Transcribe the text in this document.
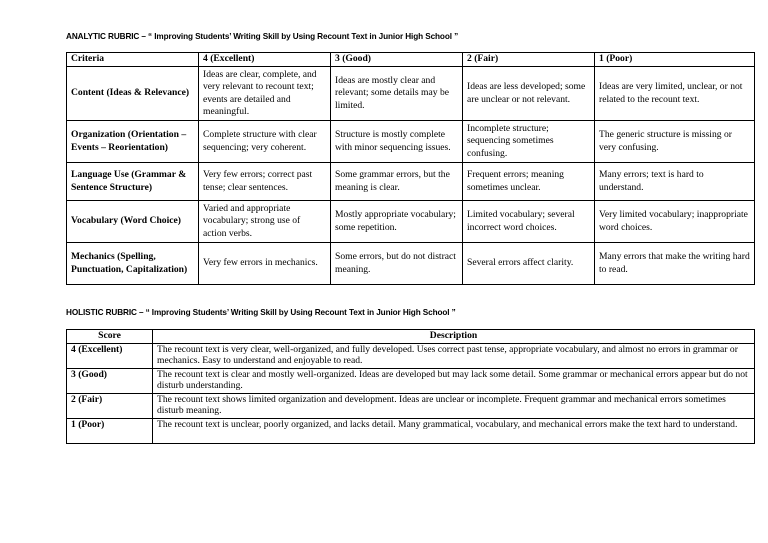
ANALYTIC RUBRIC – “ Improving Students’ Writing Skill by Using Recount Text in Junior High School ”
Criteria	4 (Excellent)	3 (Good)	2 (Fair)	1 (Poor)
Content (Ideas & Relevance)	Ideas are clear, complete, and very relevant to recount text; events are detailed and meaningful.	Ideas are mostly clear and relevant; some details may be limited.	Ideas are less developed; some are unclear or not relevant.	Ideas are very limited, unclear, or not related to the recount text.
Organization (Orientation – Events – Reorientation)	Complete structure with clear sequencing; very coherent.	Structure is mostly complete with minor sequencing issues.	Incomplete structure; sequencing sometimes confusing.	The generic structure is missing or very confusing.
Language Use (Grammar & Sentence Structure)	Very few errors; correct past tense; clear sentences.	Some grammar errors, but the meaning is clear.	Frequent errors; meaning sometimes unclear.	Many errors; text is hard to understand.
Vocabulary (Word Choice)	Varied and appropriate vocabulary; strong use of action verbs.	Mostly appropriate vocabulary; some repetition.	Limited vocabulary; several incorrect word choices.	Very limited vocabulary; inappropriate word choices.
Mechanics (Spelling, Punctuation, Capitalization)	Very few errors in mechanics.	Some errors, but do not distract meaning.	Several errors affect clarity.	Many errors that make the writing hard to read.
HOLISTIC RUBRIC – “ Improving Students’ Writing Skill by Using Recount Text in Junior High School ”
Score	Description
4 (Excellent)	The recount text is very clear, well-organized, and fully developed. Uses correct past tense, appropriate vocabulary, and almost no errors in grammar or mechanics. Easy to understand and enjoyable to read.
3 (Good)	The recount text is clear and mostly well-organized. Ideas are developed but may lack some detail. Some grammar or mechanical errors appear but do not disturb understanding.
2 (Fair)	The recount text shows limited organization and development. Ideas are unclear or incomplete. Frequent grammar and mechanical errors sometimes disturb meaning.
1 (Poor)	The recount text is unclear, poorly organized, and lacks detail. Many grammatical, vocabulary, and mechanical errors make the text hard to understand.
